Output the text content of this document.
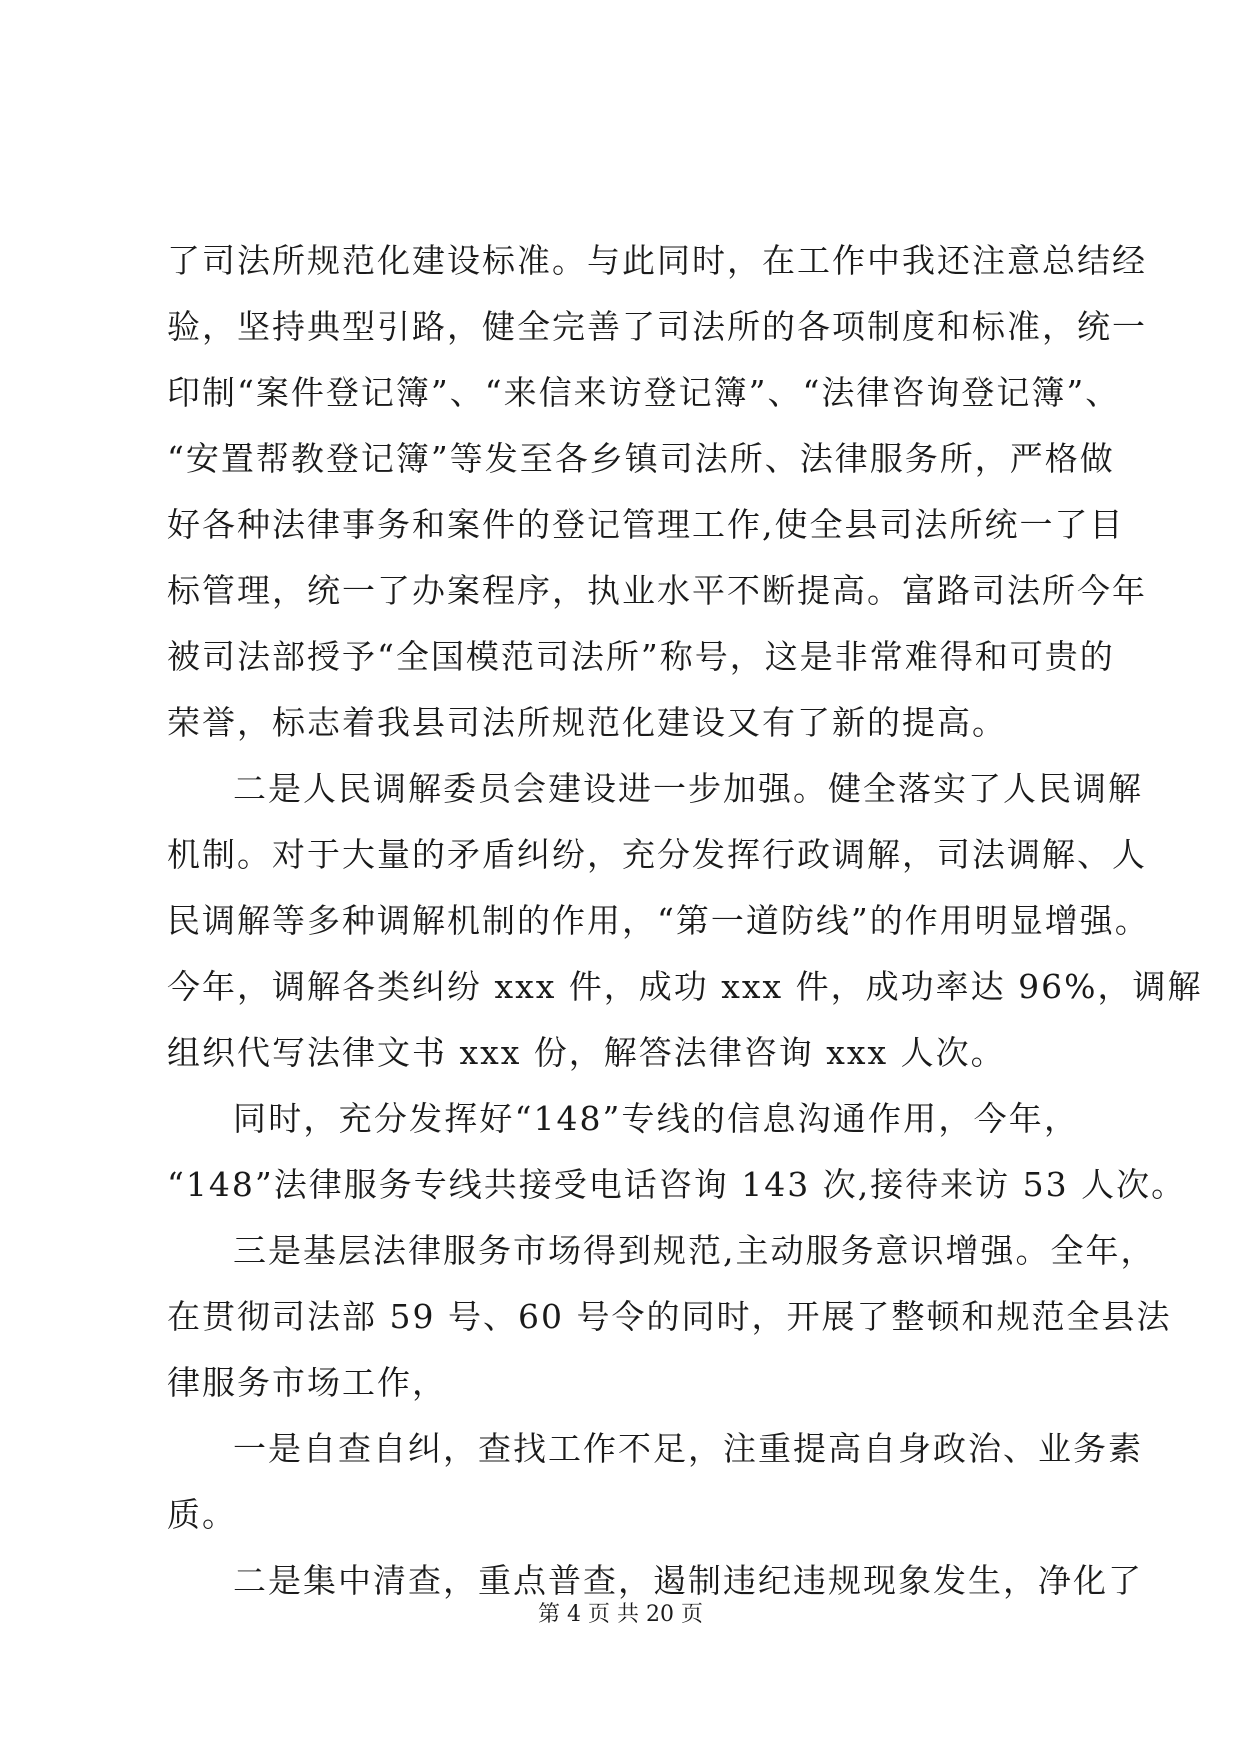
了司法所规范化建设标准。与此同时，在工作中我还注意总结经
验，坚持典型引路，健全完善了司法所的各项制度和标准，统一
印制“案件登记簿”、“来信来访登记簿”、“法律咨询登记簿”、
“安置帮教登记簿”等发至各乡镇司法所、法律服务所，严格做
好各种法律事务和案件的登记管理工作,使全县司法所统一了目
标管理，统一了办案程序，执业水平不断提高。富路司法所今年
被司法部授予“全国模范司法所”称号，这是非常难得和可贵的
荣誉，标志着我县司法所规范化建设又有了新的提高。
二是人民调解委员会建设进一步加强。健全落实了人民调解
机制。对于大量的矛盾纠纷，充分发挥行政调解，司法调解、人
民调解等多种调解机制的作用，“第一道防线”的作用明显增强。
今年，调解各类纠纷 xxx 件，成功 xxx 件，成功率达 96%，调解
组织代写法律文书 xxx 份，解答法律咨询 xxx 人次。
同时，充分发挥好“148”专线的信息沟通作用，今年，
“148”法律服务专线共接受电话咨询 143 次,接待来访 53 人次。
三是基层法律服务市场得到规范,主动服务意识增强。全年，
在贯彻司法部 59 号、60 号令的同时，开展了整顿和规范全县法
律服务市场工作，
一是自查自纠，查找工作不足，注重提高自身政治、业务素
质。
二是集中清查，重点普查，遏制违纪违规现象发生，净化了
第 4 页 共 20 页
